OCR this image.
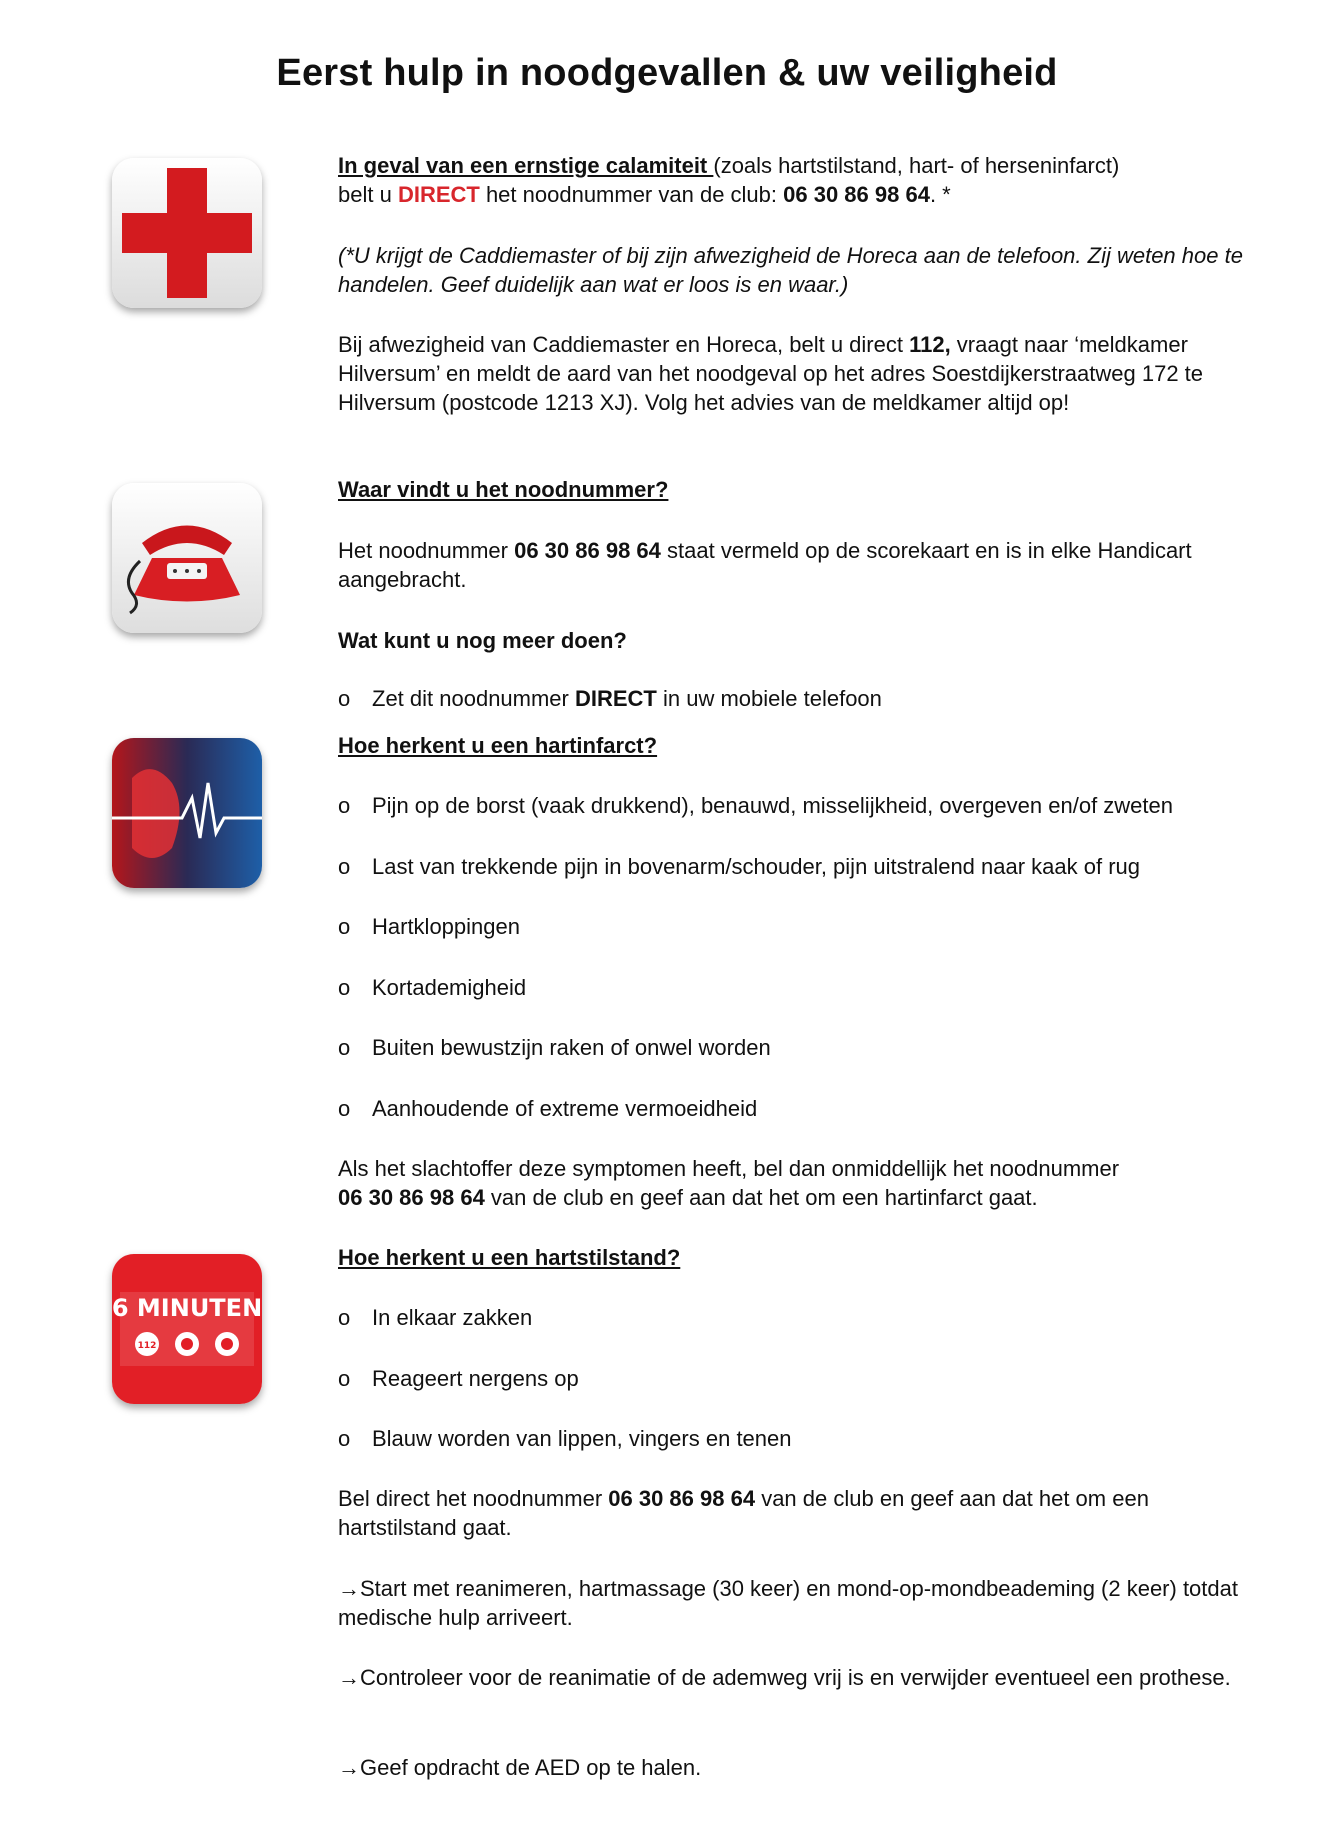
Eerst hulp in noodgevallen & uw veiligheid
6 MINUTEN
112

In geval van een ernstige calamiteit (zoals hartstilstand, hart- of herseninfarct)
belt u DIRECT het noodnummer van de club: 06 30 86 98 64. *

(*U krijgt de Caddiemaster of bij zijn afwezigheid de Horeca aan de telefoon. Zij weten hoe te handelen. Geef duidelijk aan wat er loos is en waar.)

Bij afwezigheid van Caddiemaster en Horeca, belt u direct 112, vraagt naar ‘meldkamer Hilversum’ en meldt de aard van het noodgeval op het adres Soestdijkerstraatweg 172 te Hilversum (postcode 1213 XJ). Volg het advies van de meldkamer altijd op!

Waar vindt u het noodnummer?

Het noodnummer 06 30 86 98 64 staat vermeld op de scorekaart en is in elke Handicart aangebracht.

Wat kunt u nog meer doen?
o Zet dit noodnummer DIRECT in uw mobiele telefoon
Hoe herkent u een hartinfarct?
o Pijn op de borst (vaak drukkend), benauwd, misselijkheid, overgeven en/of zweten
o Last van trekkende pijn in bovenarm/schouder, pijn uitstralend naar kaak of rug
o Hartkloppingen
o Kortademigheid
o Buiten bewustzijn raken of onwel worden
o Aanhoudende of extreme vermoeidheid

Als het slachtoffer deze symptomen heeft, bel dan onmiddellijk het noodnummer
06 30 86 98 64 van de club en geef aan dat het om een hartinfarct gaat.

Hoe herkent u een hartstilstand?
o In elkaar zakken
o Reageert nergens op
o Blauw worden van lippen, vingers en tenen

Bel direct het noodnummer 06 30 86 98 64 van de club en geef aan dat het om een hartstilstand gaat.

→Start met reanimeren, hartmassage (30 keer) en mond-op-mondbeademing (2 keer) totdat medische hulp arriveert.
→Controleer voor de reanimatie of de ademweg vrij is en verwijder eventueel een prothese.
→Geef opdracht de AED op te halen.
